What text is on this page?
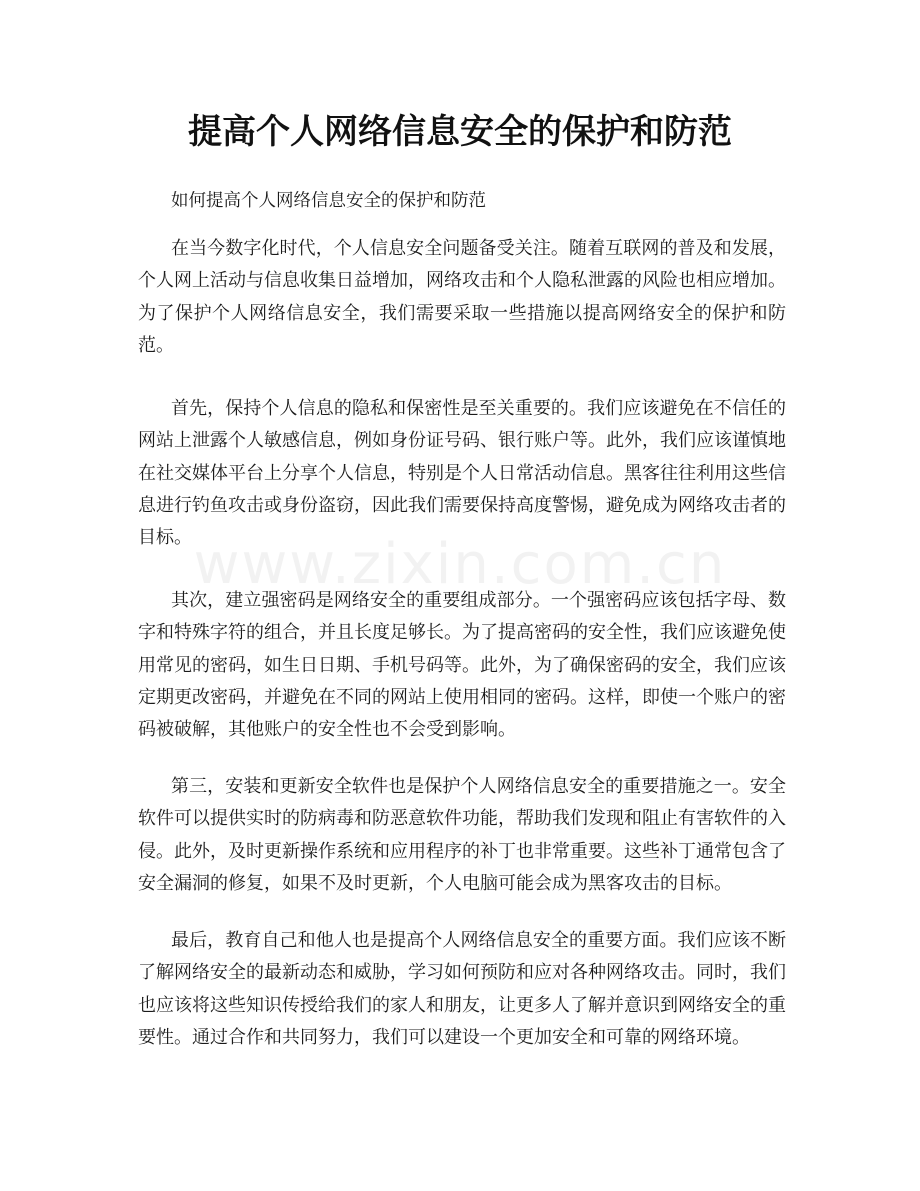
提高个人网络信息安全的保护和防范

如何提高个人网络信息安全的保护和防范

在当今数字化时代，个人信息安全问题备受关注。随着互联网的普及和发展，个人网上活动与信息收集日益增加，网络攻击和个人隐私泄露的风险也相应增加。为了保护个人网络信息安全，我们需要采取一些措施以提高网络安全的保护和防范。

首先，保持个人信息的隐私和保密性是至关重要的。我们应该避免在不信任的网站上泄露个人敏感信息，例如身份证号码、银行账户等。此外，我们应该谨慎地在社交媒体平台上分享个人信息，特别是个人日常活动信息。黑客往往利用这些信息进行钓鱼攻击或身份盗窃，因此我们需要保持高度警惕，避免成为网络攻击者的目标。

其次，建立强密码是网络安全的重要组成部分。一个强密码应该包括字母、数字和特殊字符的组合，并且长度足够长。为了提高密码的安全性，我们应该避免使用常见的密码，如生日日期、手机号码等。此外，为了确保密码的安全，我们应该定期更改密码，并避免在不同的网站上使用相同的密码。这样，即使一个账户的密码被破解，其他账户的安全性也不会受到影响。

第三，安装和更新安全软件也是保护个人网络信息安全的重要措施之一。安全软件可以提供实时的防病毒和防恶意软件功能，帮助我们发现和阻止有害软件的入侵。此外，及时更新操作系统和应用程序的补丁也非常重要。这些补丁通常包含了安全漏洞的修复，如果不及时更新，个人电脑可能会成为黑客攻击的目标。

最后，教育自己和他人也是提高个人网络信息安全的重要方面。我们应该不断了解网络安全的最新动态和威胁，学习如何预防和应对各种网络攻击。同时，我们也应该将这些知识传授给我们的家人和朋友，让更多人了解并意识到网络安全的重要性。通过合作和共同努力，我们可以建设一个更加安全和可靠的网络环境。

www.zixin.com.cn
